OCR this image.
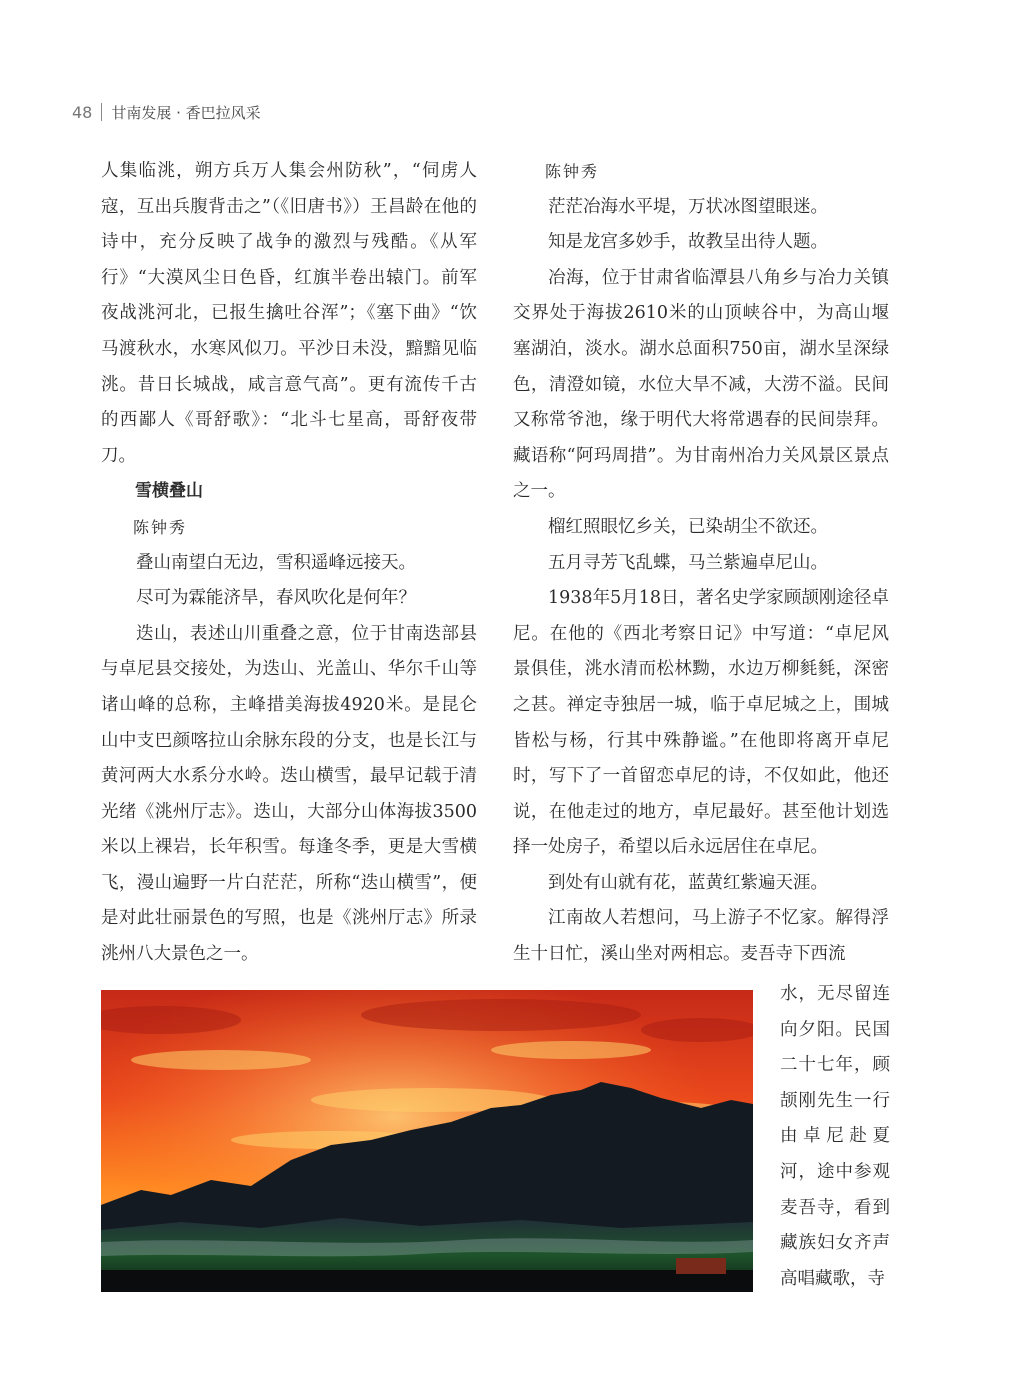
48 甘南发展 · 香巴拉风采

人集临洮，朔方兵万人集会州防秋”，“伺虏人寇，互出兵腹背击之”（《旧唐书》）王昌龄在他的诗中，充分反映了战争的激烈与残酷。《从军行》“大漠风尘日色昏，红旗半卷出辕门。前军夜战洮河北，已报生擒吐谷浑”；《塞下曲》“饮马渡秋水，水寒风似刀。平沙日未没，黯黯见临洮。昔日长城战，咸言意气高”。更有流传千古的西鄙人《哥舒歌》：“北斗七星高，哥舒夜带刀。

雪横叠山

陈钟秀

叠山南望白无边，雪积遥峰远接天。

尽可为霖能济旱，春风吹化是何年？

迭山，表述山川重叠之意，位于甘南迭部县与卓尼县交接处，为迭山、光盖山、华尔千山等诸山峰的总称，主峰措美海拔4920米。是昆仑山中支巴颜喀拉山余脉东段的分支，也是长江与黄河两大水系分水岭。迭山横雪，最早记载于清光绪《洮州厅志》。迭山，大部分山体海拔3500米以上裸岩，长年积雪。每逢冬季，更是大雪横飞，漫山遍野一片白茫茫，所称“迭山横雪”，便是对此壮丽景色的写照，也是《洮州厅志》所录洮州八大景色之一。

陈钟秀

茫茫冶海水平堤，万状冰图望眼迷。

知是龙宫多妙手，故教呈出待人题。

冶海，位于甘肃省临潭县八角乡与冶力关镇交界处于海拔2610米的山顶峡谷中，为高山堰塞湖泊，淡水。湖水总面积750亩，湖水呈深绿色，清澄如镜，水位大旱不减，大涝不溢。民间又称常爷池，缘于明代大将常遇春的民间崇拜。藏语称“阿玛周措”。为甘南州冶力关风景区景点之一。

榴红照眼忆乡关，已染胡尘不欲还。

五月寻芳飞乱蝶，马兰紫遍卓尼山。

1938年5月18日，著名史学家顾颉刚途径卓尼。在他的《西北考察日记》中写道：“卓尼风景俱佳，洮水清而松林黝，水边万柳毵毵，深密之甚。禅定寺独居一城，临于卓尼城之上，围城皆松与杨，行其中殊静谧。”在他即将离开卓尼时，写下了一首留恋卓尼的诗，不仅如此，他还说，在他走过的地方，卓尼最好。甚至他计划选择一处房子，希望以后永远居住在卓尼。

到处有山就有花，蓝黄红紫遍天涯。

江南故人若想问，马上游子不忆家。解得浮生十日忙，溪山坐对两相忘。麦吾寺下西流

水，无尽留连向夕阳。民国二十七年，顾颉刚先生一行由卓尼赴夏河，途中参观麦吾寺，看到藏族妇女齐声高唱藏歌，寺
